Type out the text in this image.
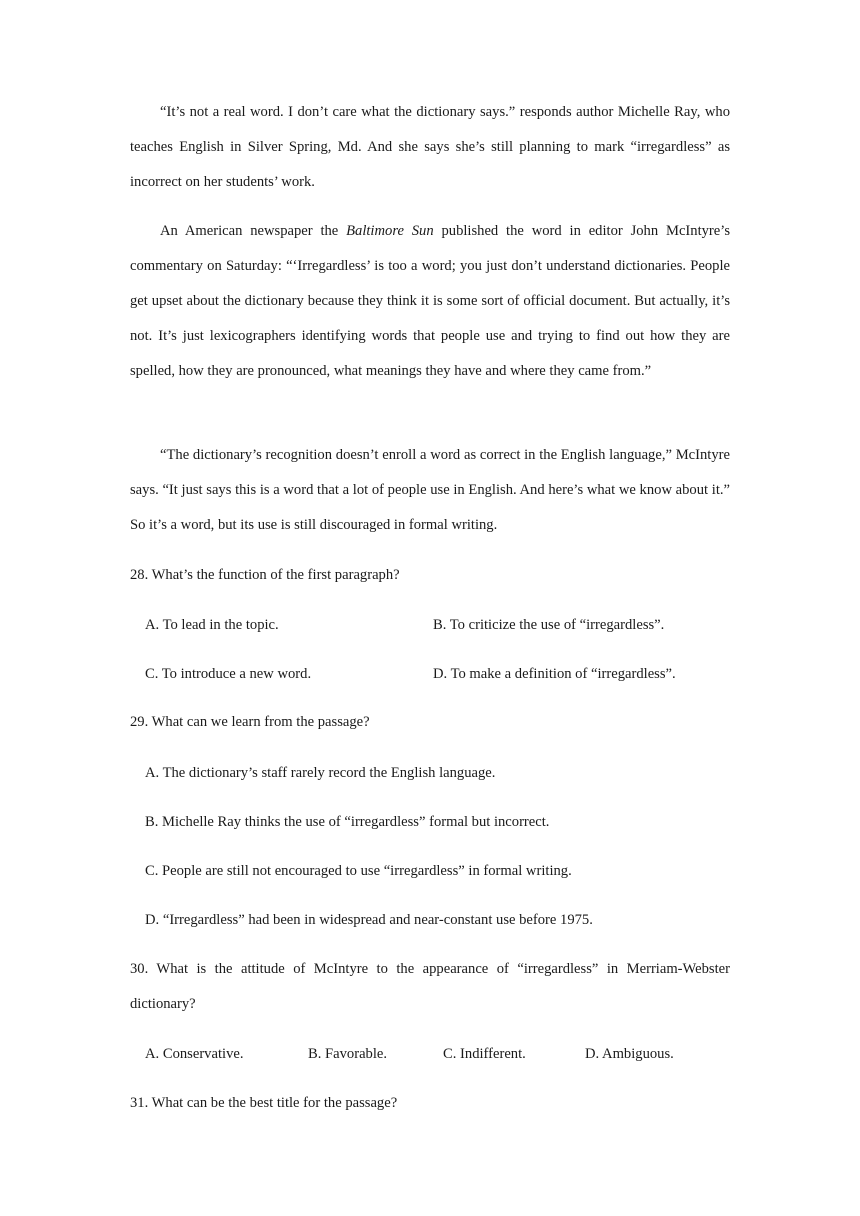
“It’s not a real word. I don’t care what the dictionary says.” responds author Michelle Ray, who teaches English in Silver Spring, Md. And she says she’s still planning to mark “irregardless” as incorrect on her students’ work.

An American newspaper the Baltimore Sun published the word in editor John McIntyre’s commentary on Saturday: “‘Irregardless’ is too a word; you just don’t understand dictionaries. People get upset about the dictionary because they think it is some sort of official document. But actually, it’s not. It’s just lexicographers identifying words that people use and trying to find out how they are spelled, how they are pronounced, what meanings they have and where they came from.”

“The dictionary’s recognition doesn’t enroll a word as correct in the English language,” McIntyre says. “It just says this is a word that a lot of people use in English. And here’s what we know about it.” So it’s a word, but its use is still discouraged in formal writing.

28. What’s the function of the first paragraph?

A. To lead in the topic.	B. To criticize the use of “irregardless”.
C. To introduce a new word.	D. To make a definition of “irregardless”.

29. What can we learn from the passage?

A. The dictionary’s staff rarely record the English language.
B. Michelle Ray thinks the use of “irregardless” formal but incorrect.
C. People are still not encouraged to use “irregardless” in formal writing.
D. “Irregardless” had been in widespread and near-constant use before 1975.

30. What is the attitude of McIntyre to the appearance of “irregardless” in Merriam-Webster dictionary?

A. Conservative.	B. Favorable.	C. Indifferent.	D. Ambiguous.

31. What can be the best title for the passage?
